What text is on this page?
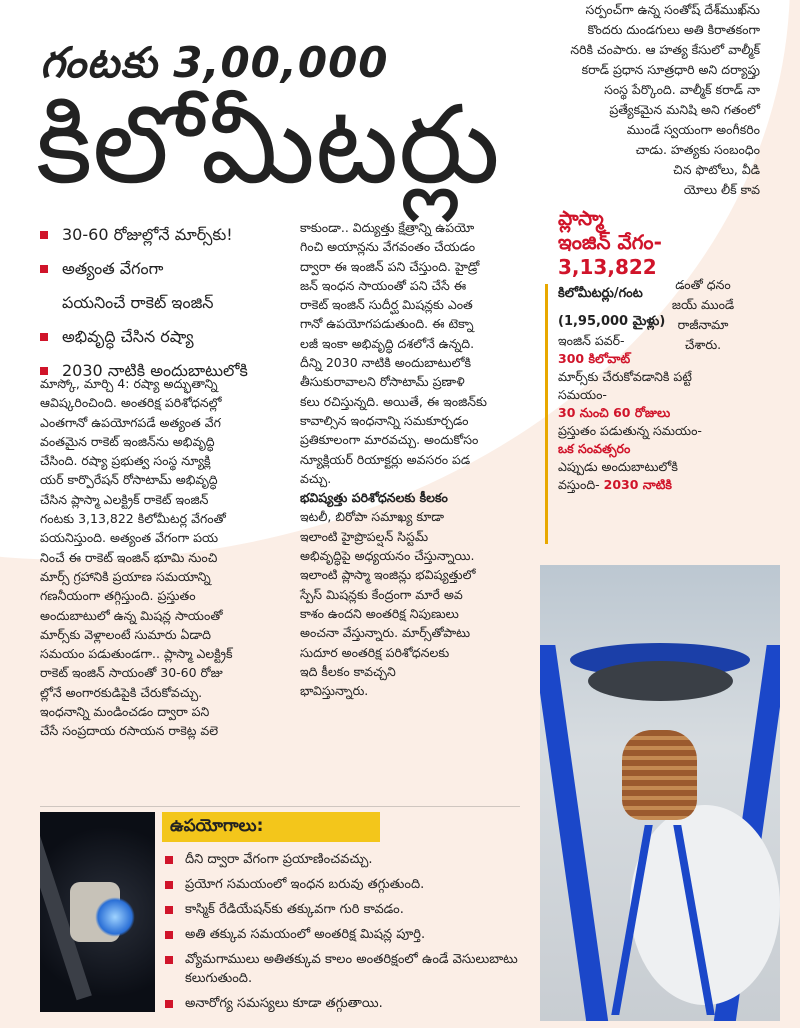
సర్పంచ్‌గా ఉన్న సంతోష్ దేశ్‌ముఖ్‌ను
కొందరు దుండగులు అతి కిరాతకంగా
నరికి చంపారు. ఆ హత్య కేసులో వాల్మీక్
కరాడ్ ప్రధాన సూత్రధారి అని దర్యాప్తు
సంస్థ పేర్కొంది. వాల్మీక్ కరాడ్ నా
ప్రత్యేకమైన మనిషి అని గతంలో
ముండే స్వయంగా అంగీకరిం
చాడు. హత్యకు సంబంధిం
చిన ఫొటోలు, వీడి
యోలు లీక్ కావ
డంతో ధనం
జయ్ ముండే
రాజీనామా
చేశారు.
గంటకు 3,00,000
కిలోమీటర్లు
30-60 రోజుల్లోనే మార్స్‌కు!
అత్యంత వేగంగా
పయనించే రాకెట్ ఇంజిన్
అభివృద్ధి చేసిన రష్యా
2030 నాటికి అందుబాటులోకి

మాస్కో, మార్చి 4: రష్యా అద్భుతాన్ని

ఆవిష్కరించింది. అంతరిక్ష పరిశోధనల్లో

ఎంతగానో ఉపయోగపడే అత్యంత వేగ

వంతమైన రాకెట్ ఇంజిన్‌ను అభివృద్ధి

చేసింది. రష్యా ప్రభుత్వ సంస్థ న్యూక్లి

యర్ కార్పొరేషన్ రోసాటామ్ అభివృద్ధి

చేసిన ప్లాస్మా ఎలక్ట్రిక్ రాకెట్ ఇంజిన్

గంటకు 3,13,822 కిలోమీటర్ల వేగంతో

పయనిస్తుంది. అత్యంత వేగంగా పయ

నించే ఈ రాకెట్ ఇంజిన్ భూమి నుంచి

మార్స్ గ్రహానికి ప్రయాణ సమయాన్ని

గణనీయంగా తగ్గిస్తుంది. ప్రస్తుతం

అందుబాటులో ఉన్న మిషన్ల సాయంతో

మార్స్‌కు వెళ్లాలంటే సుమారు ఏడాది

సమయం పడుతుండగా.. ప్లాస్మా ఎలక్ట్రిక్

రాకెట్ ఇంజిన్ సాయంతో 30-60 రోజు

ల్లోనే అంగారకుడిపైకి చేరుకోవచ్చు.

ఇంధనాన్ని మండించడం ద్వారా పని

చేసే సంప్రదాయ రసాయన రాకెట్ల వలె

కాకుండా.. విద్యుత్తు క్షేత్రాన్ని ఉపయో

గించి అయాన్లను వేగవంతం చేయడం

ద్వారా ఈ ఇంజిన్ పని చేస్తుంది. హైడ్రో

జన్ ఇంధన సాయంతో పని చేసే ఈ

రాకెట్ ఇంజిన్ సుదీర్ఘ మిషన్లకు ఎంత

గానో ఉపయోగపడుతుంది. ఈ టెక్నా

లజీ ఇంకా అభివృద్ధి దశలోనే ఉన్నది.

దీన్ని 2030 నాటికి అందుబాటులోకి

తీసుకురావాలని రోసాటామ్ ప్రణాళి

కలు రచిస్తున్నది. అయితే, ఈ ఇంజిన్‌కు

కావాల్సిన ఇంధనాన్ని సమకూర్చడం

ప్రతికూలంగా మారవచ్చు. అందుకోసం

న్యూక్లియర్ రియాక్టర్లు అవసరం పడ

వచ్చు.

భవిష్యత్తు పరిశోధనలకు కీలకం

ఇటలీ, బిరోపా సమాఖ్య కూడా

ఇలాంటి హైప్రొపల్షన్ సిస్టమ్

అభివృద్ధిపై అధ్యయనం చేస్తున్నాయి.

ఇలాంటి ప్లాస్మా ఇంజిన్లు భవిష్యత్తులో

స్పేస్ మిషన్లకు కేంద్రంగా మారే అవ

కాశం ఉందని అంతరిక్ష నిపుణులు

అంచనా వేస్తున్నారు. మార్స్‌తోపాటు

సుదూర అంతరిక్ష పరిశోధనలకు

ఇది కీలకం కావచ్చని

భావిస్తున్నారు.

ప్లాస్మా
ఇంజిన్ వేగం-
3,13,822
కిలోమీటర్లు/గంట
(1,95,000 మైళ్లు)
ఇంజిన్ పవర్-
300 కిలోవాట్
మార్స్‌కు చేరుకోవడానికి పట్టే
సమయం-
30 నుంచి 60 రోజులు
ప్రస్తుతం పడుతున్న సమయం-
ఒక సంవత్సరం
ఎప్పుడు అందుబాటులోకి
వస్తుంది- 2030 నాటికి
ఉపయోగాలు:
దీని ద్వారా వేగంగా ప్రయాణించవచ్చు.
ప్రయోగ సమయంలో ఇంధన బరువు తగ్గుతుంది.
కాస్మిక్ రేడియేషన్‌కు తక్కువగా గురి కావడం.
అతి తక్కువ సమయంలో అంతరిక్ష మిషన్ల పూర్తి.
వ్యోమగాములు అతితక్కువ కాలం అంతరిక్షంలో ఉండే వెసులుబాటు కలుగుతుంది.
అనారోగ్య సమస్యలు కూడా తగ్గుతాయి.
